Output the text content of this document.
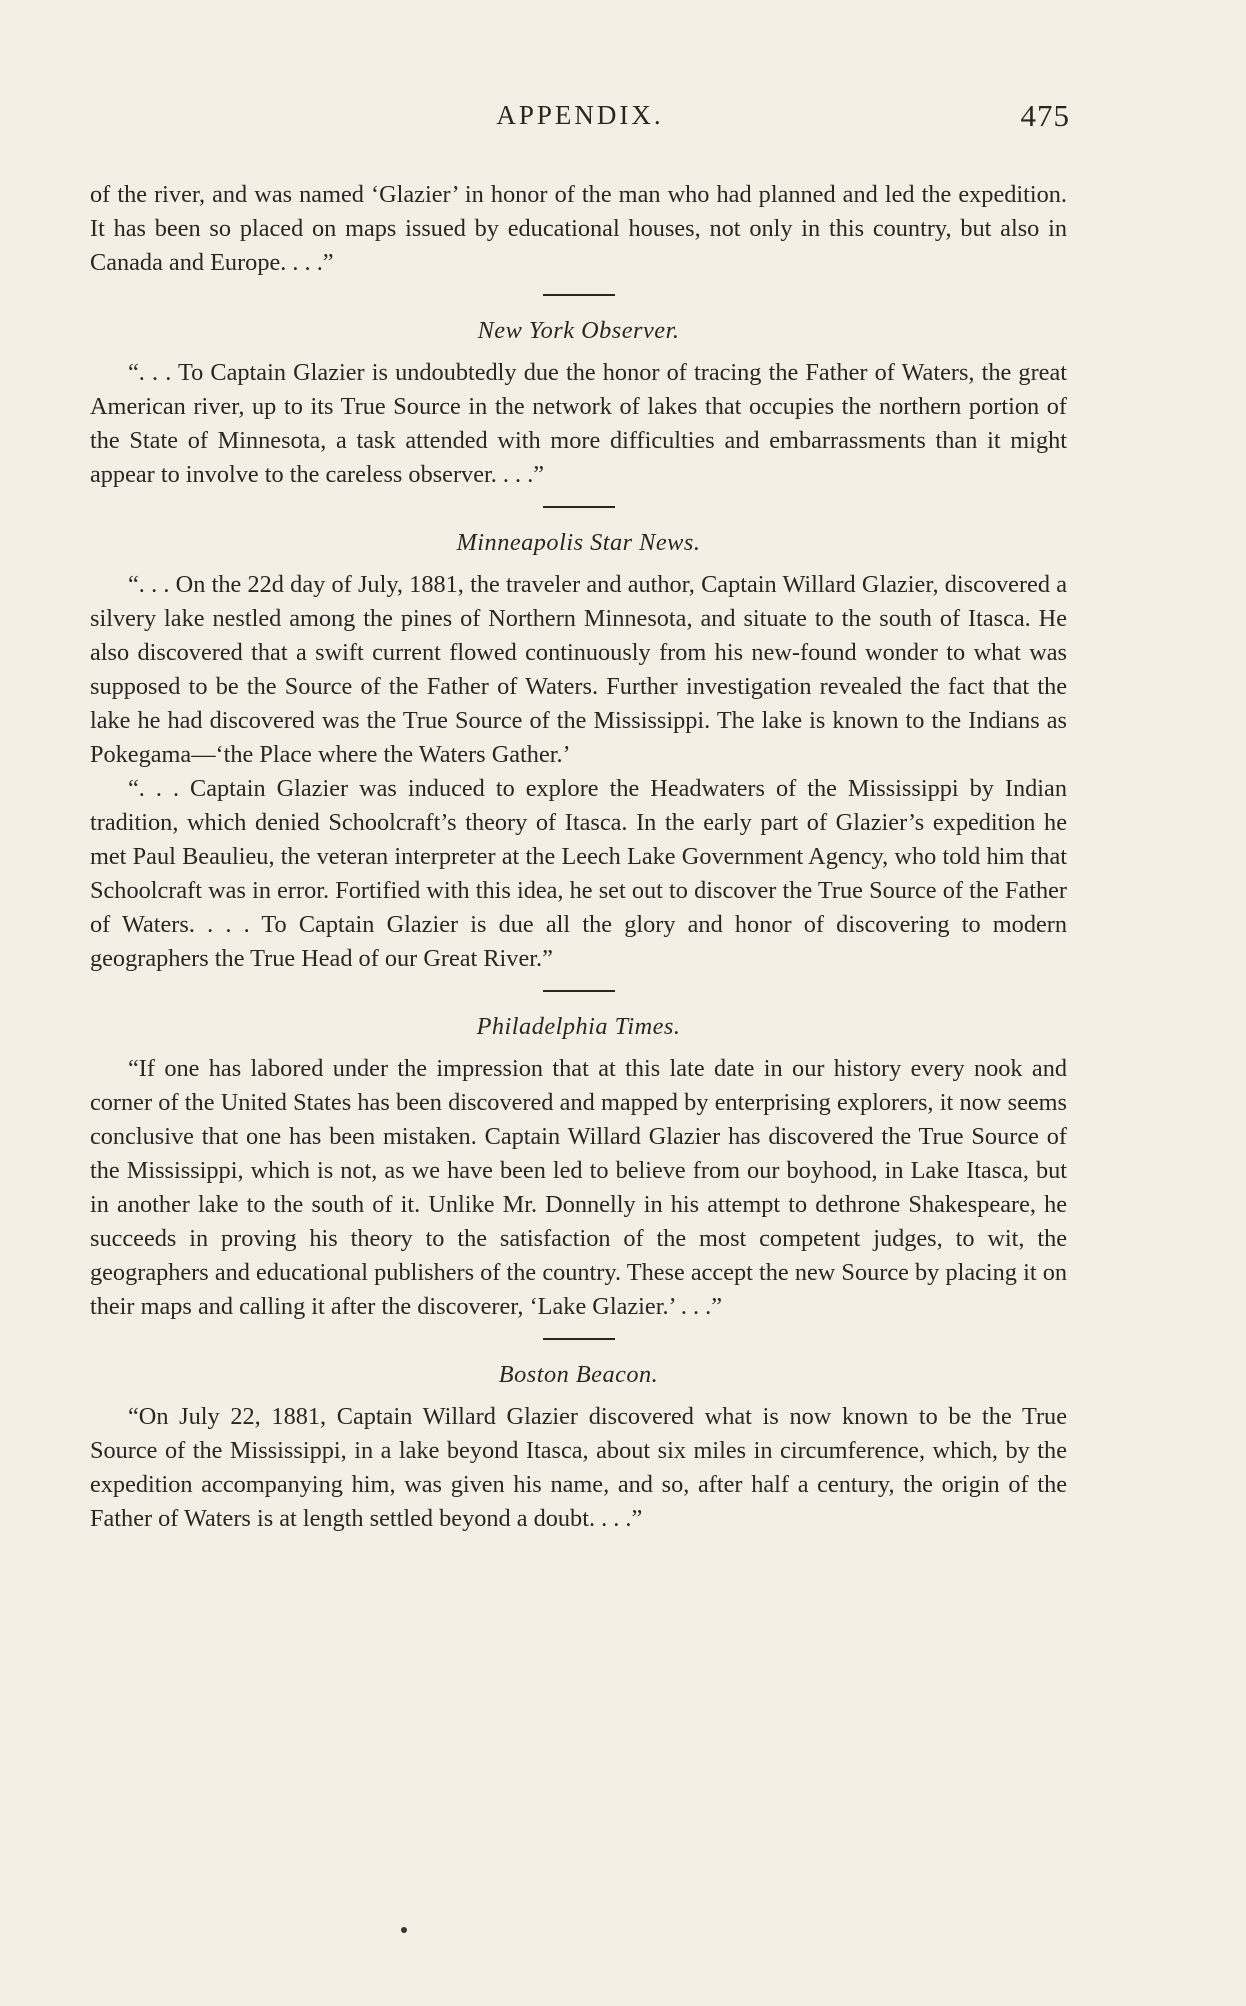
APPENDIX.	475

of the river, and was named ‘Glazier’ in honor of the man who had planned and led the expedition. It has been so placed on maps issued by educational houses, not only in this country, but also in Canada and Europe. . . .”

New York Observer.

“. . . To Captain Glazier is undoubtedly due the honor of tracing the Father of Waters, the great American river, up to its True Source in the network of lakes that occupies the northern portion of the State of Minnesota, a task attended with more difficulties and embarrassments than it might appear to involve to the careless observer. . . .”

Minneapolis Star News.

“. . . On the 22d day of July, 1881, the traveler and author, Captain Willard Glazier, discovered a silvery lake nestled among the pines of Northern Minnesota, and situate to the south of Itasca. He also discovered that a swift current flowed continuously from his new-found wonder to what was supposed to be the Source of the Father of Waters. Further investigation revealed the fact that the lake he had discovered was the True Source of the Mississippi. The lake is known to the Indians as Pokegama—‘the Place where the Waters Gather.’

“. . . Captain Glazier was induced to explore the Headwaters of the Mississippi by Indian tradition, which denied Schoolcraft’s theory of Itasca. In the early part of Glazier’s expedition he met Paul Beaulieu, the veteran interpreter at the Leech Lake Government Agency, who told him that Schoolcraft was in error. Fortified with this idea, he set out to discover the True Source of the Father of Waters. . . . To Captain Glazier is due all the glory and honor of discovering to modern geographers the True Head of our Great River.”

Philadelphia Times.

“If one has labored under the impression that at this late date in our history every nook and corner of the United States has been discovered and mapped by enterprising explorers, it now seems conclusive that one has been mistaken. Captain Willard Glazier has discovered the True Source of the Mississippi, which is not, as we have been led to believe from our boyhood, in Lake Itasca, but in another lake to the south of it. Unlike Mr. Donnelly in his attempt to dethrone Shakespeare, he succeeds in proving his theory to the satisfaction of the most competent judges, to wit, the geographers and educational publishers of the country. These accept the new Source by placing it on their maps and calling it after the discoverer, ‘Lake Glazier.’ . . .”

Boston Beacon.

“On July 22, 1881, Captain Willard Glazier discovered what is now known to be the True Source of the Mississippi, in a lake beyond Itasca, about six miles in circumference, which, by the expedition accompanying him, was given his name, and so, after half a century, the origin of the Father of Waters is at length settled beyond a doubt. . . .”
